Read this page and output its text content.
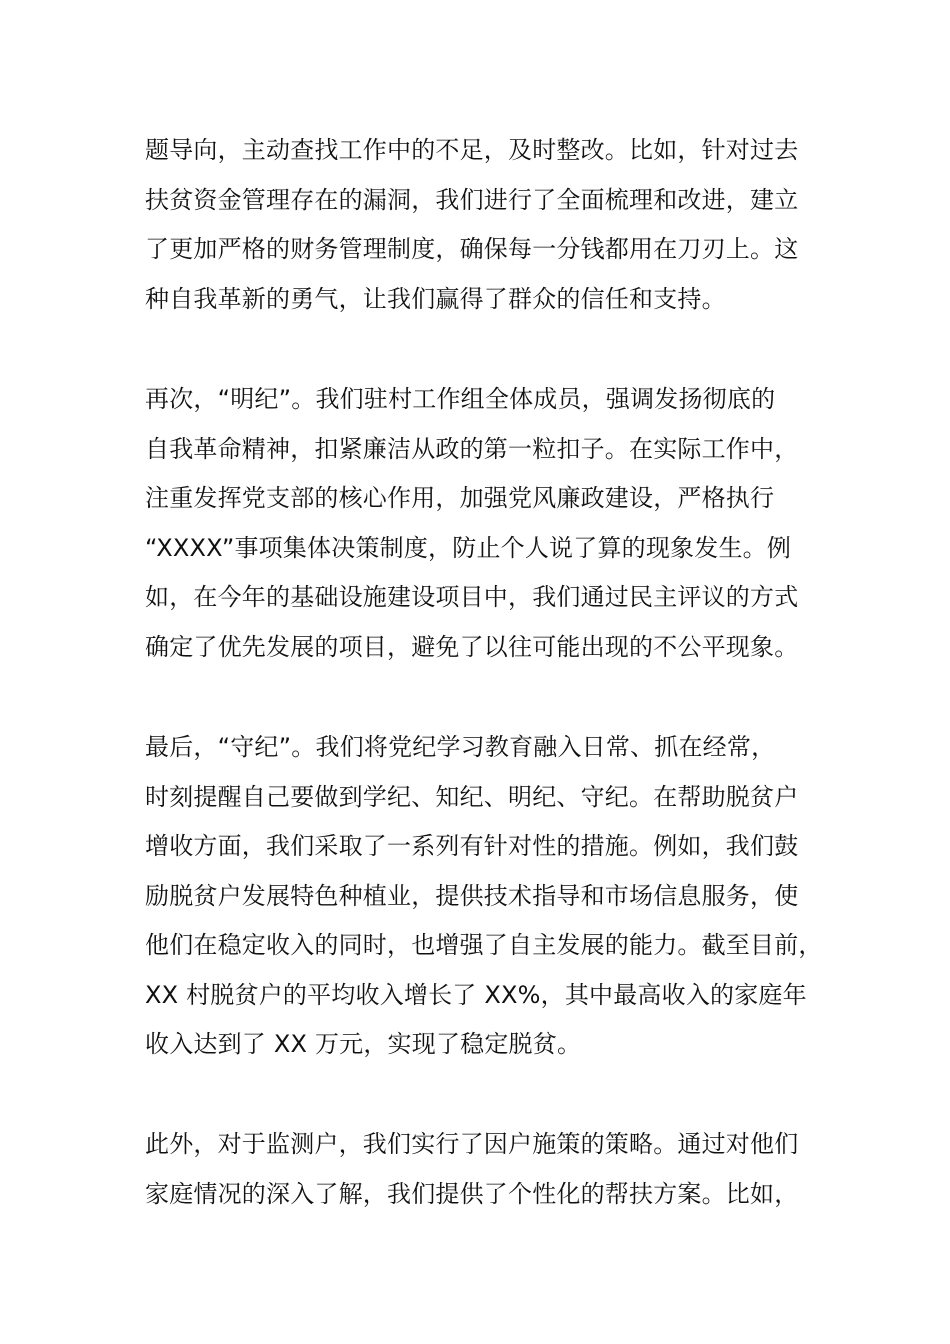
题导向，主动查找工作中的不足，及时整改。比如，针对过去
扶贫资金管理存在的漏洞，我们进行了全面梳理和改进，建立
了更加严格的财务管理制度，确保每一分钱都用在刀刃上。这
种自我革新的勇气，让我们赢得了群众的信任和支持。
再次，“明纪”。我们驻村工作组全体成员，强调发扬彻底的
自我革命精神，扣紧廉洁从政的第一粒扣子。在实际工作中，
注重发挥党支部的核心作用，加强党风廉政建设，严格执行
“XXXX”事项集体决策制度，防止个人说了算的现象发生。例
如，在今年的基础设施建设项目中，我们通过民主评议的方式
确定了优先发展的项目，避免了以往可能出现的不公平现象。
最后，“守纪”。我们将党纪学习教育融入日常、抓在经常，
时刻提醒自己要做到学纪、知纪、明纪、守纪。在帮助脱贫户
增收方面，我们采取了一系列有针对性的措施。例如，我们鼓
励脱贫户发展特色种植业，提供技术指导和市场信息服务，使
他们在稳定收入的同时，也增强了自主发展的能力。截至目前，
XX 村脱贫户的平均收入增长了 XX%，其中最高收入的家庭年
收入达到了 XX 万元，实现了稳定脱贫。
此外，对于监测户，我们实行了因户施策的策略。通过对他们
家庭情况的深入了解，我们提供了个性化的帮扶方案。比如，
